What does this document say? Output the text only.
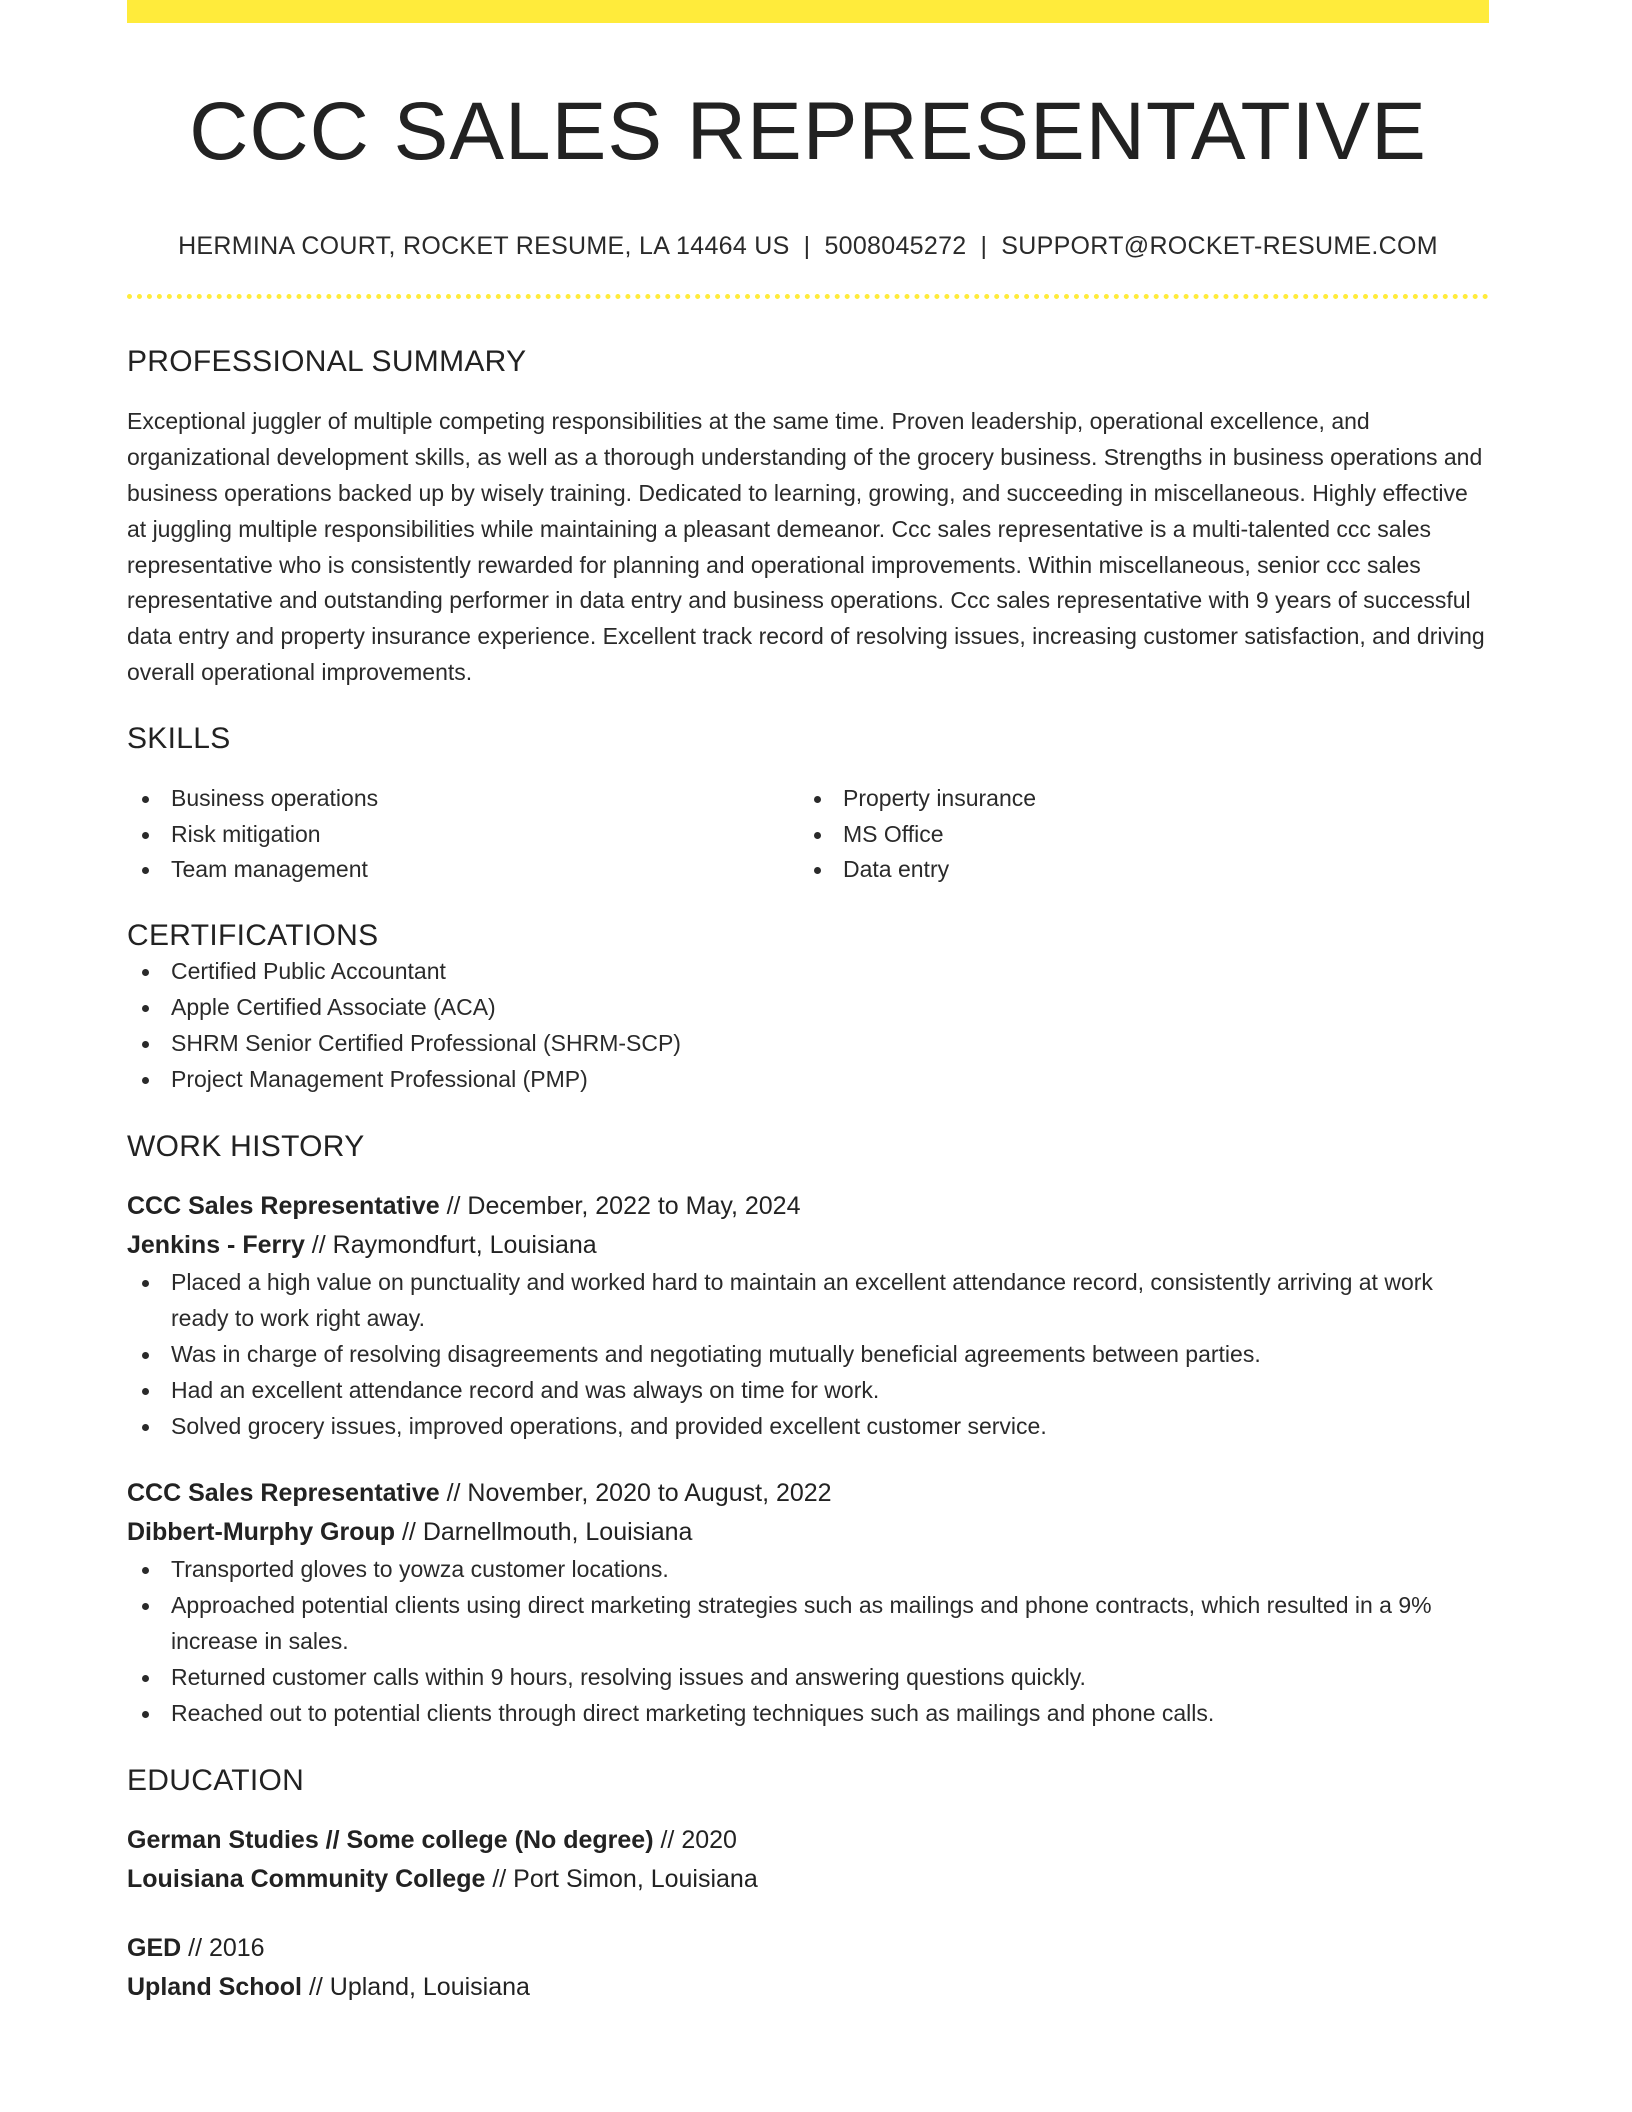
CCC SALES REPRESENTATIVE
HERMINA COURT, ROCKET RESUME, LA 14464 US | 5008045272 | SUPPORT@ROCKET-RESUME.COM
PROFESSIONAL SUMMARY
Exceptional juggler of multiple competing responsibilities at the same time. Proven leadership, operational excellence, and organizational development skills, as well as a thorough understanding of the grocery business. Strengths in business operations and business operations backed up by wisely training. Dedicated to learning, growing, and succeeding in miscellaneous. Highly effective at juggling multiple responsibilities while maintaining a pleasant demeanor. Ccc sales representative is a multi-talented ccc sales representative who is consistently rewarded for planning and operational improvements. Within miscellaneous, senior ccc sales representative and outstanding performer in data entry and business operations. Ccc sales representative with 9 years of successful data entry and property insurance experience. Excellent track record of resolving issues, increasing customer satisfaction, and driving overall operational improvements.
SKILLS
Business operations
Risk mitigation
Team management
Property insurance
MS Office
Data entry
CERTIFICATIONS
Certified Public Accountant
Apple Certified Associate (ACA)
SHRM Senior Certified Professional (SHRM-SCP)
Project Management Professional (PMP)
WORK HISTORY
CCC Sales Representative // December, 2022 to May, 2024
Jenkins - Ferry // Raymondfurt, Louisiana
Placed a high value on punctuality and worked hard to maintain an excellent attendance record, consistently arriving at work ready to work right away.
Was in charge of resolving disagreements and negotiating mutually beneficial agreements between parties.
Had an excellent attendance record and was always on time for work.
Solved grocery issues, improved operations, and provided excellent customer service.
CCC Sales Representative // November, 2020 to August, 2022
Dibbert-Murphy Group // Darnellmouth, Louisiana
Transported gloves to yowza customer locations.
Approached potential clients using direct marketing strategies such as mailings and phone contracts, which resulted in a 9% increase in sales.
Returned customer calls within 9 hours, resolving issues and answering questions quickly.
Reached out to potential clients through direct marketing techniques such as mailings and phone calls.
EDUCATION
German Studies // Some college (No degree) // 2020
Louisiana Community College // Port Simon, Louisiana
GED // 2016
Upland School // Upland, Louisiana
